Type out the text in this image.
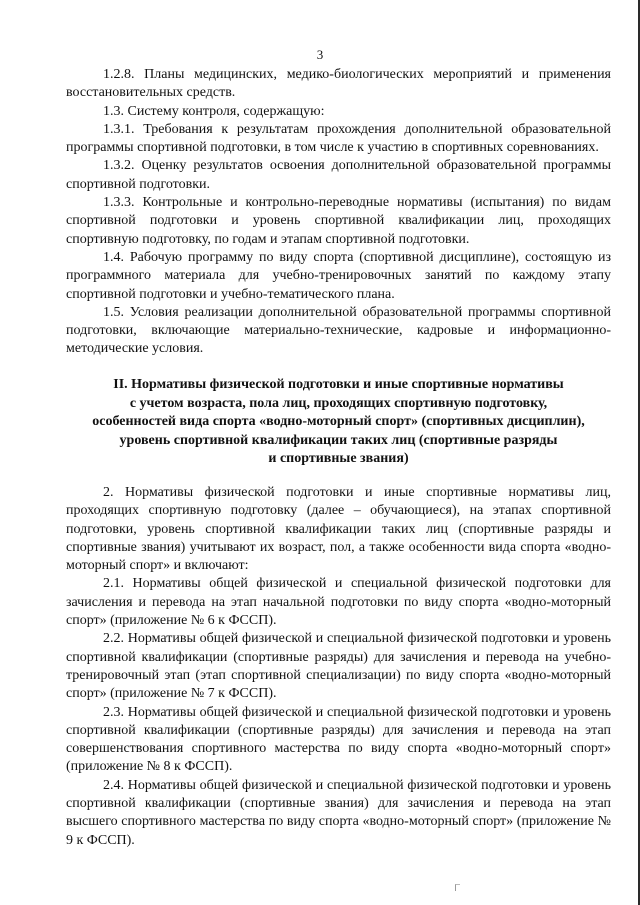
3

1.2.8. Планы медицинских, медико-биологических мероприятий и применения восстановительных средств.

1.3. Систему контроля, содержащую:

1.3.1. Требования к результатам прохождения дополнительной образовательной программы спортивной подготовки, в том числе к участию в спортивных соревнованиях.

1.3.2. Оценку результатов освоения дополнительной образовательной программы спортивной подготовки.

1.3.3. Контрольные и контрольно-переводные нормативы (испытания) по видам спортивной подготовки и уровень спортивной квалификации лиц, проходящих спортивную подготовку, по годам и этапам спортивной подготовки.

1.4. Рабочую программу по виду спорта (спортивной дисциплине), состоящую из программного материала для учебно-тренировочных занятий по каждому этапу спортивной подготовки и учебно-тематического плана.

1.5. Условия реализации дополнительной образовательной программы спортивной подготовки, включающие материально-технические, кадровые и информационно-методические условия.

II. Нормативы физической подготовки и иные спортивные нормативы
с учетом возраста, пола лиц, проходящих спортивную подготовку,
особенностей вида спорта «водно-моторный спорт» (спортивных дисциплин),
уровень спортивной квалификации таких лиц (спортивные разряды
и спортивные звания)

2. Нормативы физической подготовки и иные спортивные нормативы лиц, проходящих спортивную подготовку (далее – обучающиеся), на этапах спортивной подготовки, уровень спортивной квалификации таких лиц (спортивные разряды и спортивные звания) учитывают их возраст, пол, а также особенности вида спорта «водно-моторный спорт» и включают:

2.1. Нормативы общей физической и специальной физической подготовки для зачисления и перевода на этап начальной подготовки по виду спорта «водно-моторный спорт» (приложение № 6 к ФССП).

2.2. Нормативы общей физической и специальной физической подготовки и уровень спортивной квалификации (спортивные разряды) для зачисления и перевода на учебно-тренировочный этап (этап спортивной специализации) по виду спорта «водно-моторный спорт» (приложение № 7 к ФССП).

2.3. Нормативы общей физической и специальной физической подготовки и уровень спортивной квалификации (спортивные разряды) для зачисления и перевода на этап совершенствования спортивного мастерства по виду спорта «водно-моторный спорт» (приложение № 8 к ФССП).

2.4. Нормативы общей физической и специальной физической подготовки и уровень спортивной квалификации (спортивные звания) для зачисления и перевода на этап высшего спортивного мастерства по виду спорта «водно-моторный спорт» (приложение № 9 к ФССП).
